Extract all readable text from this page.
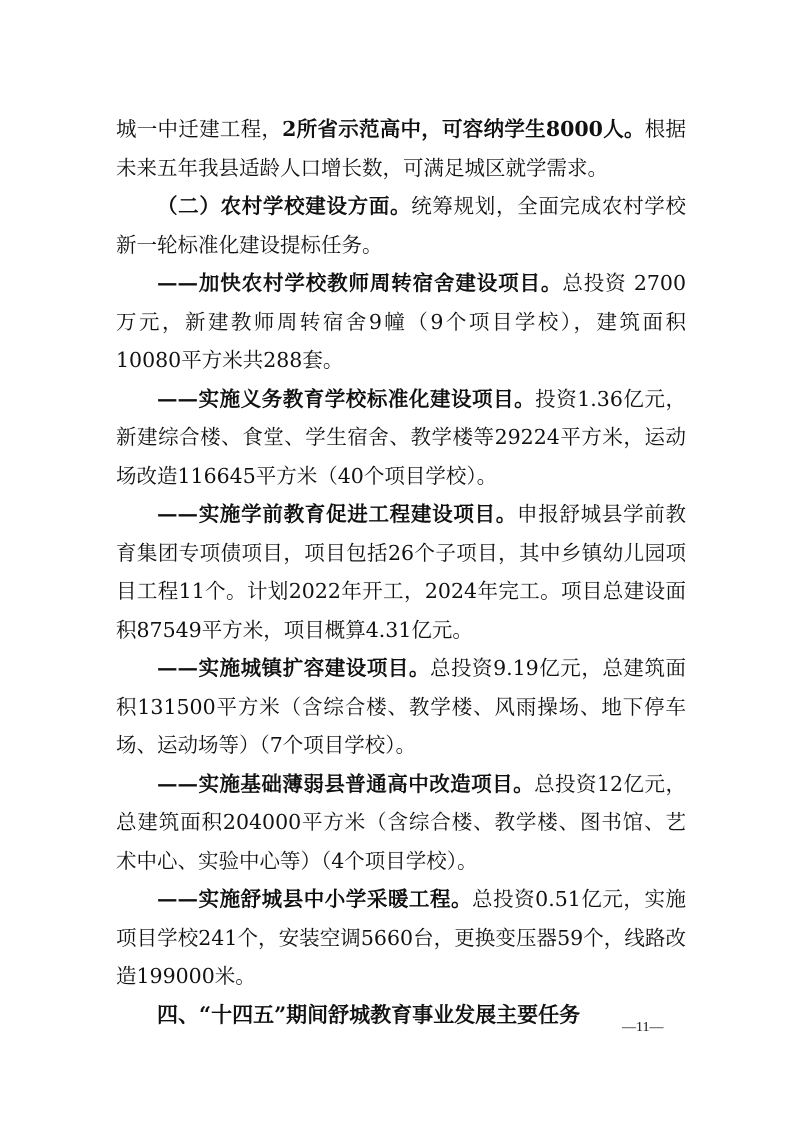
城一中迁建工程，2所省示范高中，可容纳学生8000人。根据未来五年我县适龄人口增长数，可满足城区就学需求。

（二）农村学校建设方面。统筹规划，全面完成农村学校新一轮标准化建设提标任务。

——加快农村学校教师周转宿舍建设项目。总投资 2700万元，新建教师周转宿舍9幢（9个项目学校），建筑面积 10080平方米共288套。

——实施义务教育学校标准化建设项目。投资1.36亿元，新建综合楼、食堂、学生宿舍、教学楼等29224平方米，运动场改造116645平方米（40个项目学校）。

——实施学前教育促进工程建设项目。申报舒城县学前教育集团专项债项目，项目包括26个子项目，其中乡镇幼儿园项目工程11个。计划2022年开工，2024年完工。项目总建设面积87549平方米，项目概算4.31亿元。

——实施城镇扩容建设项目。总投资9.19亿元，总建筑面积131500平方米（含综合楼、教学楼、风雨操场、地下停车场、运动场等）（7个项目学校）。

——实施基础薄弱县普通高中改造项目。总投资12亿元，总建筑面积204000平方米（含综合楼、教学楼、图书馆、艺术中心、实验中心等）（4个项目学校）。

——实施舒城县中小学采暖工程。总投资0.51亿元，实施项目学校241个，安装空调5660台，更换变压器59个，线路改造199000米。

四、“十四五”期间舒城教育事业发展主要任务

—11—
